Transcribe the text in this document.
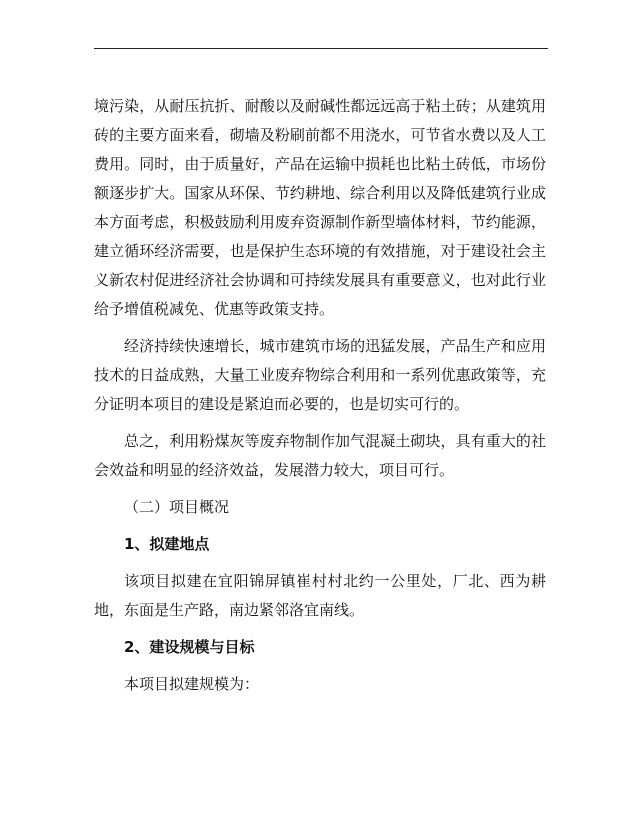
境污染，从耐压抗折、耐酸以及耐碱性都远远高于粘土砖；从建筑用砖的主要方面来看，砌墙及粉刷前都不用浇水，可节省水费以及人工费用。同时，由于质量好，产品在运输中损耗也比粘土砖低，市场份额逐步扩大。国家从环保、节约耕地、综合利用以及降低建筑行业成本方面考虑，积极鼓励利用废弃资源制作新型墙体材料，节约能源，建立循环经济需要，也是保护生态环境的有效措施，对于建设社会主义新农村促进经济社会协调和可持续发展具有重要意义，也对此行业给予增值税减免、优惠等政策支持。

经济持续快速增长，城市建筑市场的迅猛发展，产品生产和应用技术的日益成熟，大量工业废弃物综合利用和一系列优惠政策等，充分证明本项目的建设是紧迫而必要的，也是切实可行的。

总之，利用粉煤灰等废弃物制作加气混凝土砌块，具有重大的社会效益和明显的经济效益，发展潜力较大，项目可行。

（二）项目概况

1、拟建地点

该项目拟建在宜阳锦屏镇崔村村北约一公里处，厂北、西为耕地，东面是生产路，南边紧邻洛宜南线。

2、建设规模与目标

本项目拟建规模为：
